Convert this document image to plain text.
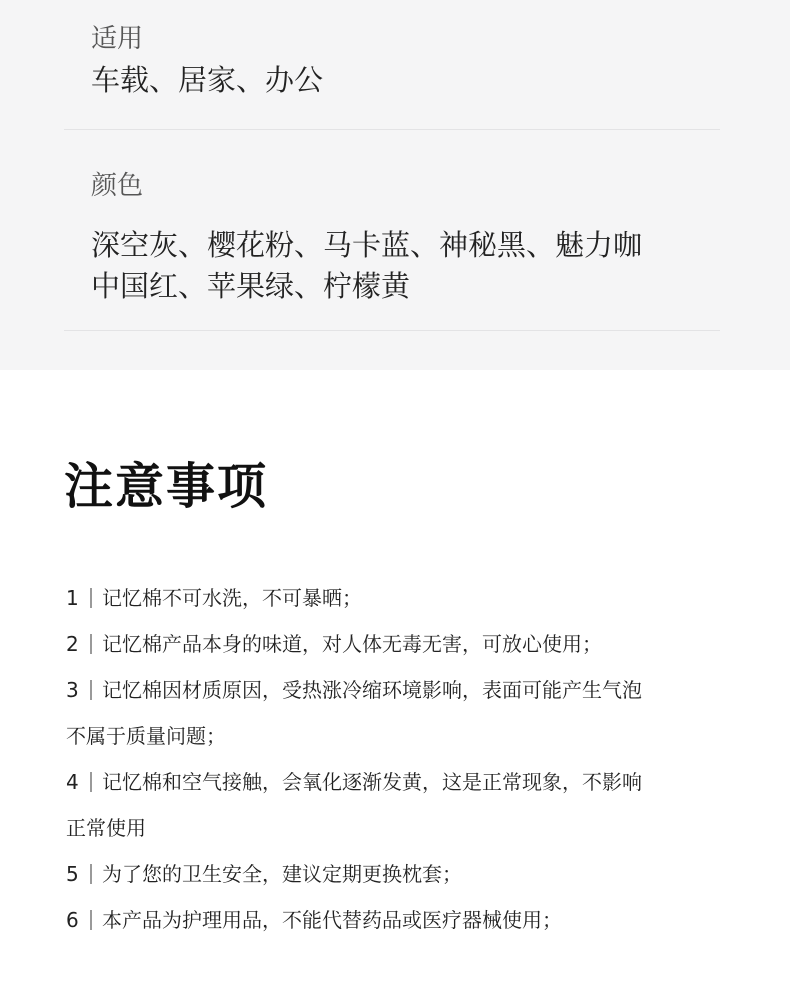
适用
车载、居家、办公
颜色
深空灰、樱花粉、马卡蓝、神秘黑、魅力咖
中国红、苹果绿、柠檬黄
注意事项
1 记忆棉不可水洗，不可暴晒；
2 记忆棉产品本身的味道，对人体无毒无害，可放心使用；
3 记忆棉因材质原因，受热涨冷缩环境影响，表面可能产生气泡
不属于质量问题；
4 记忆棉和空气接触，会氧化逐渐发黄，这是正常现象，不影响
正常使用
5 为了您的卫生安全，建议定期更换枕套；
6 本产品为护理用品，不能代替药品或医疗器械使用；
